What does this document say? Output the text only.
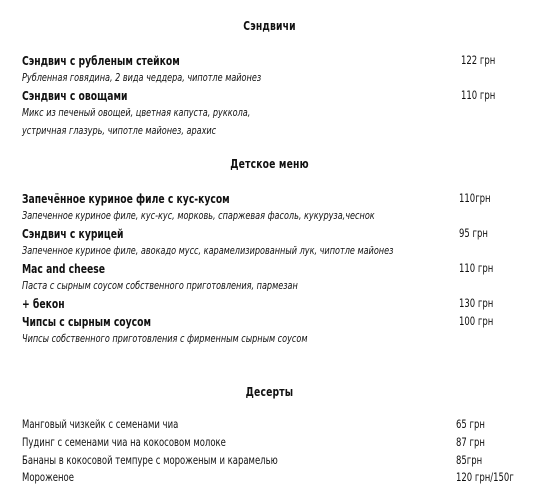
Сэндвичи
Сэндвич с рубленым стейком	122 грн
Рубленная говядина, 2 вида чеддера, чипотле майонез
Сэндвич с овощами	110 грн
Микс из печеный овощей, цветная капуста, руккола,
устричная глазурь, чипотле майонез, арахис
Детское меню
Запечённое куриное филе с кус-кусом	110грн
Запеченное куриное филе, кус-кус, морковь, спаржевая фасоль, кукуруза,чеснок
Сэндвич с курицей	95 грн
Запеченное куриное филе, авокадо мусс, карамелизированный лук, чипотле майонез
Mac and cheese	110 грн
Паста с сырным соусом собственного приготовления, пармезан
+ бекон	130 грн
Чипсы с сырным соусом	100 грн
Чипсы собственного приготовления с фирменным сырным соусом
Десерты
Манговый чизкейк с семенами чиа	65 грн
Пудинг с семенами чиа на кокосовом молоке	87 грн
Бананы в кокосовой темпуре с мороженым и карамелью	85грн
Мороженое	120 грн/150г
